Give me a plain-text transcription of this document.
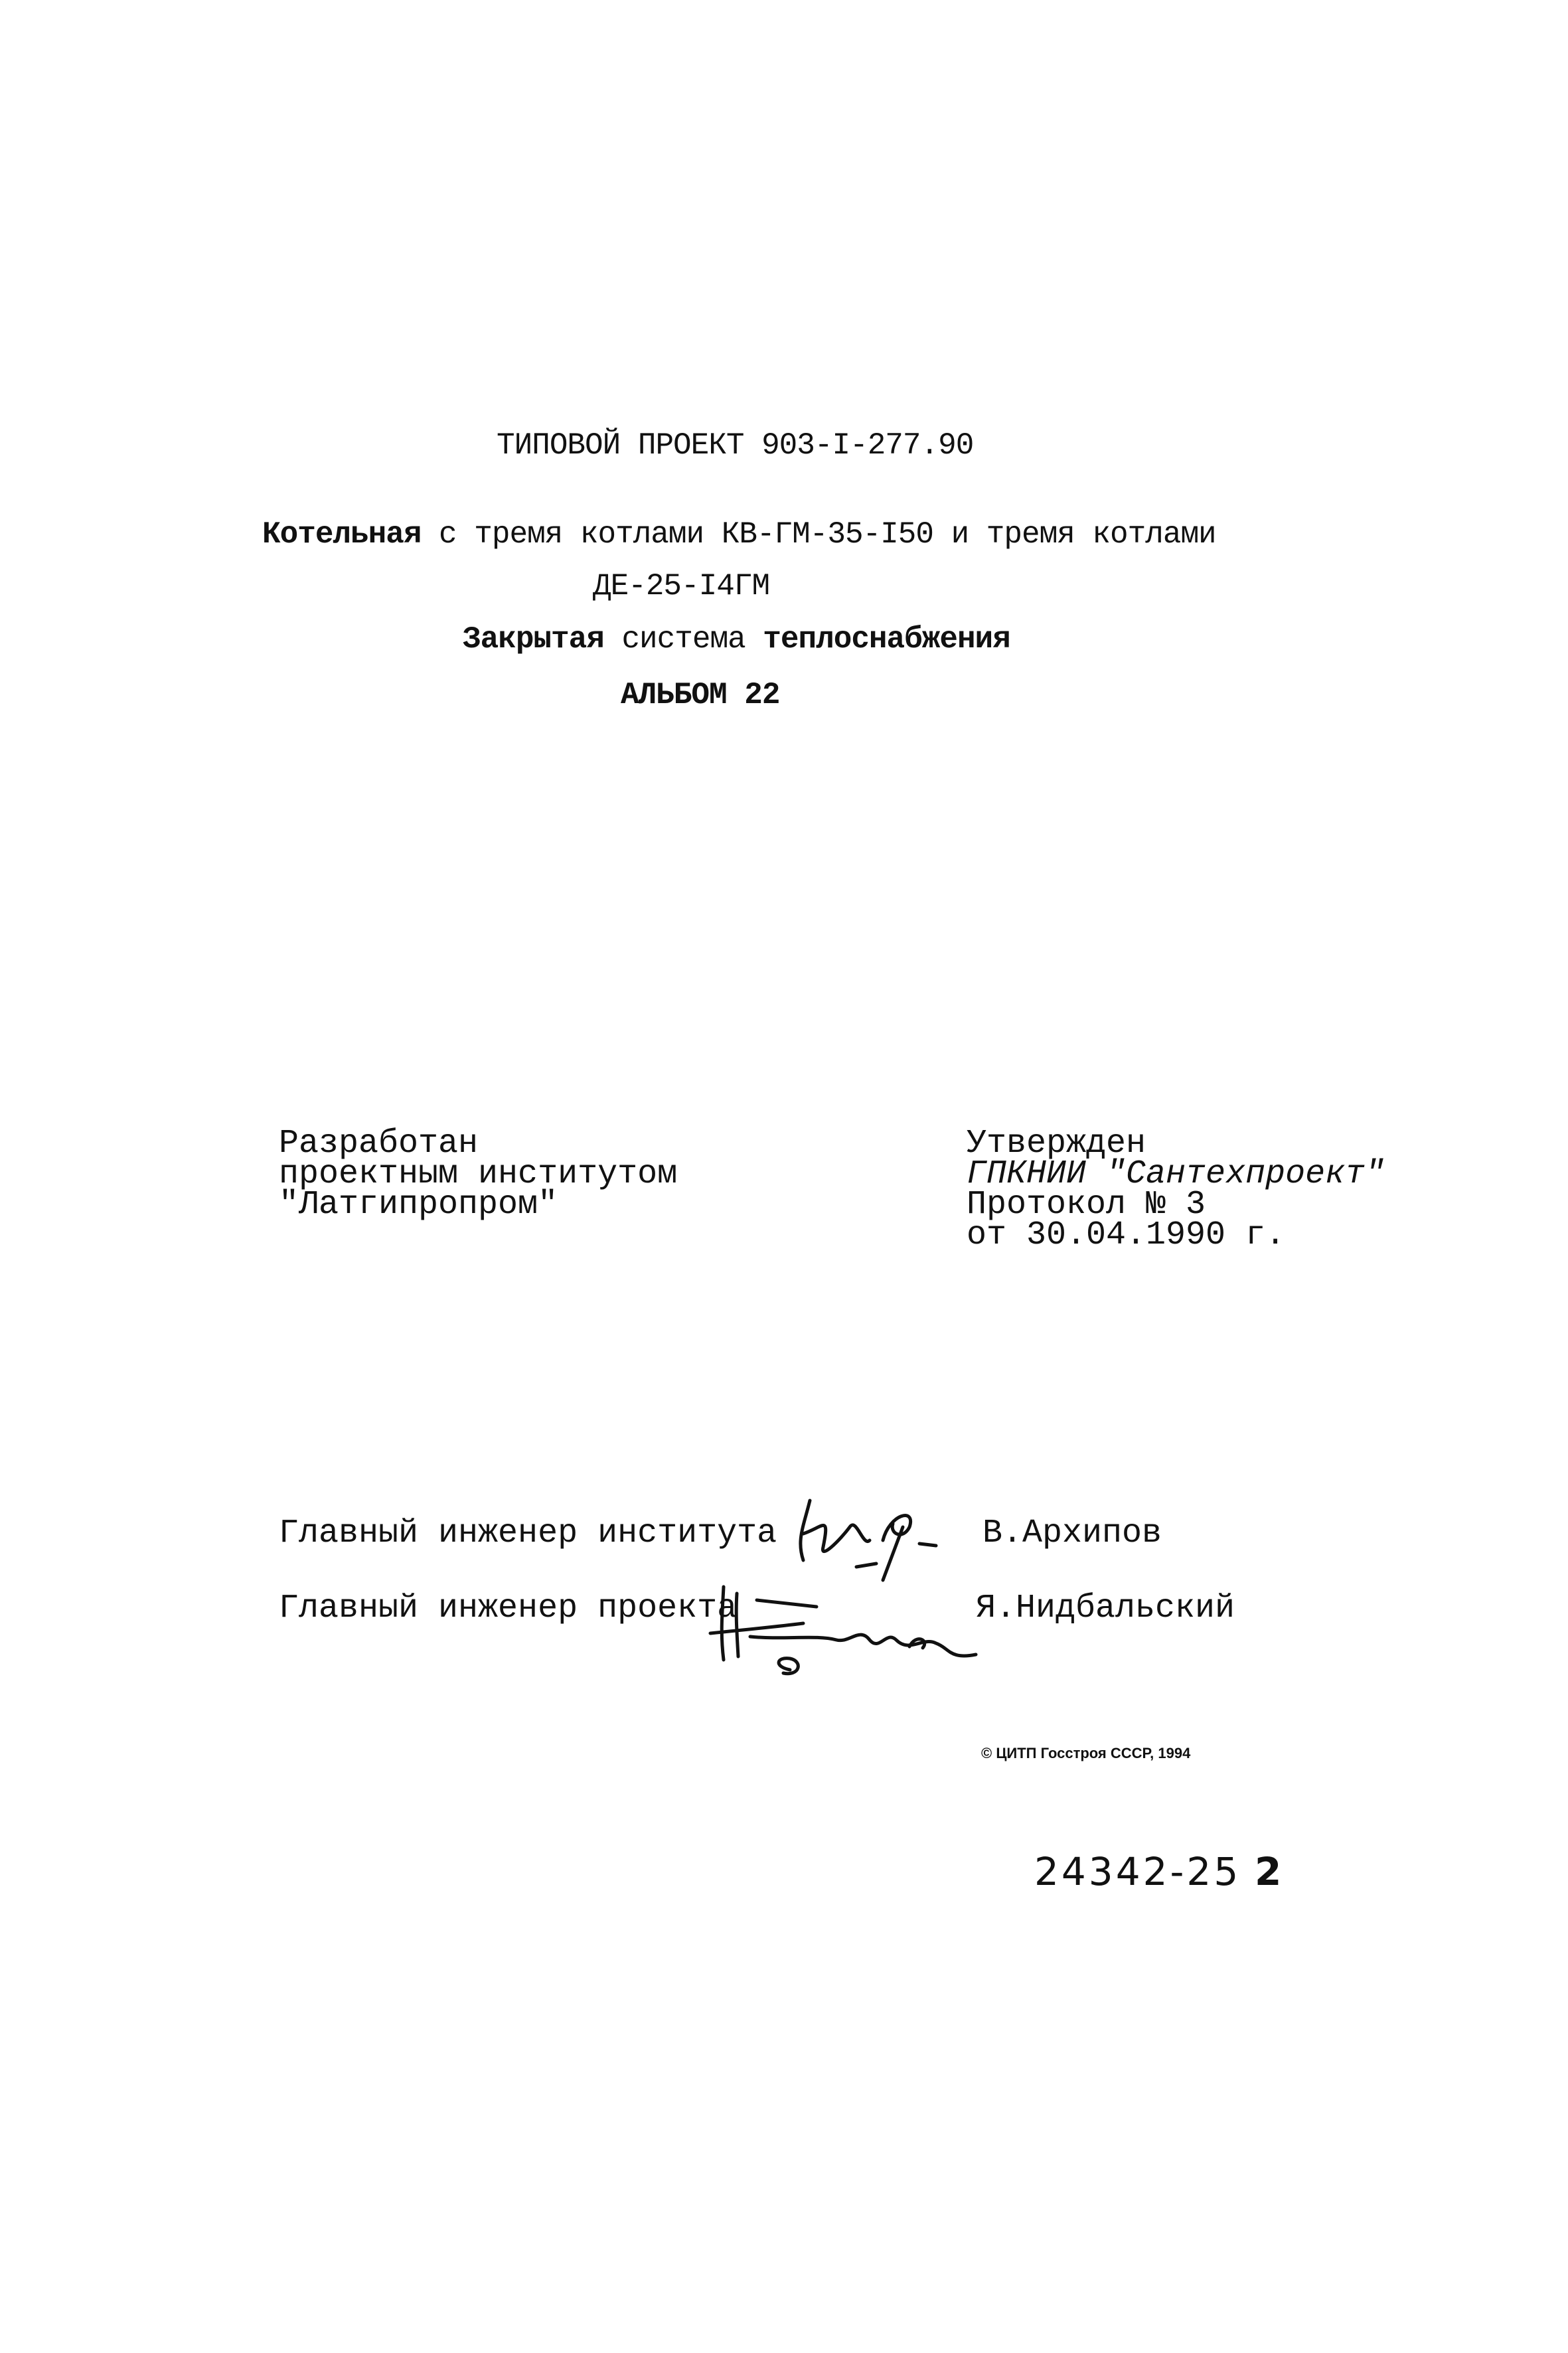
ТИПОВОЙ ПРОЕКТ 903-I-277.90
Котельная с тремя котлами КВ-ГМ-35-I50 и тремя котлами
ДЕ-25-I4ГМ
Закрытая система теплоснабжения
АЛЬБОМ 22
Разработан
проектным институтом
"Латгипропром"
Утвержден
ГПКНИИ "Сантехпроект"
Протокол № 3
от 30.04.1990 г.
Главный инженер института	В.Архипов
Главный инженер проекта	Я.Нидбальский
© ЦИТП Госстроя СССР, 1994
24342-25 2
